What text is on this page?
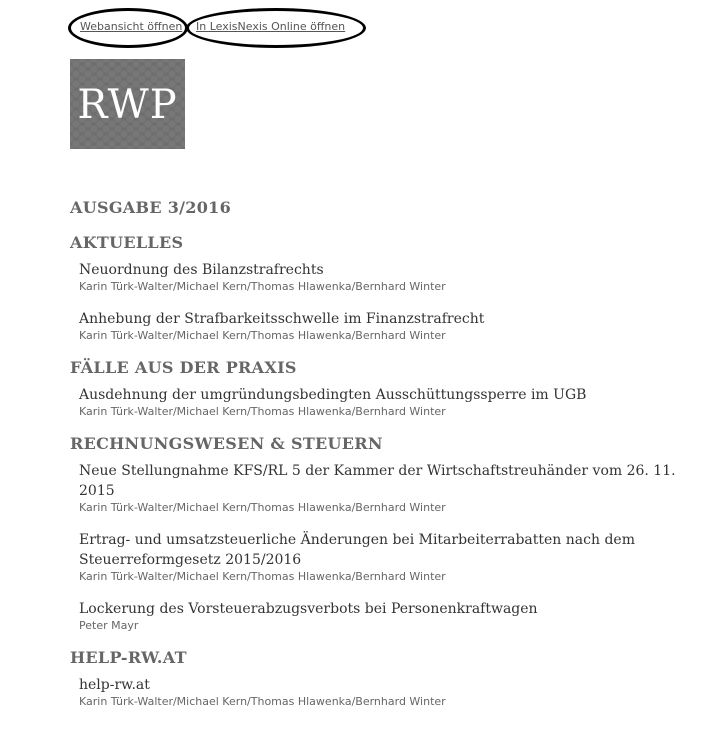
Webansicht öffnen In LexisNexis Online öffnen
RWP
AUSGABE 3/2016
AKTUELLES
Neuordnung des Bilanzstrafrechts
Karin Türk-Walter/Michael Kern/Thomas Hlawenka/Bernhard Winter
Anhebung der Strafbarkeitsschwelle im Finanzstrafrecht
Karin Türk-Walter/Michael Kern/Thomas Hlawenka/Bernhard Winter
FÄLLE AUS DER PRAXIS
Ausdehnung der umgründungsbedingten Ausschüttungssperre im UGB
Karin Türk-Walter/Michael Kern/Thomas Hlawenka/Bernhard Winter
RECHNUNGSWESEN & STEUERN
Neue Stellungnahme KFS/RL 5 der Kammer der Wirtschaftstreuhänder vom 26. 11. 2015
Karin Türk-Walter/Michael Kern/Thomas Hlawenka/Bernhard Winter
Ertrag- und umsatzsteuerliche Änderungen bei Mitarbeiterrabatten nach dem Steuerreformgesetz 2015/2016
Karin Türk-Walter/Michael Kern/Thomas Hlawenka/Bernhard Winter
Lockerung des Vorsteuerabzugsverbots bei Personenkraftwagen
Peter Mayr
HELP-RW.AT
help-rw.at
Karin Türk-Walter/Michael Kern/Thomas Hlawenka/Bernhard Winter
